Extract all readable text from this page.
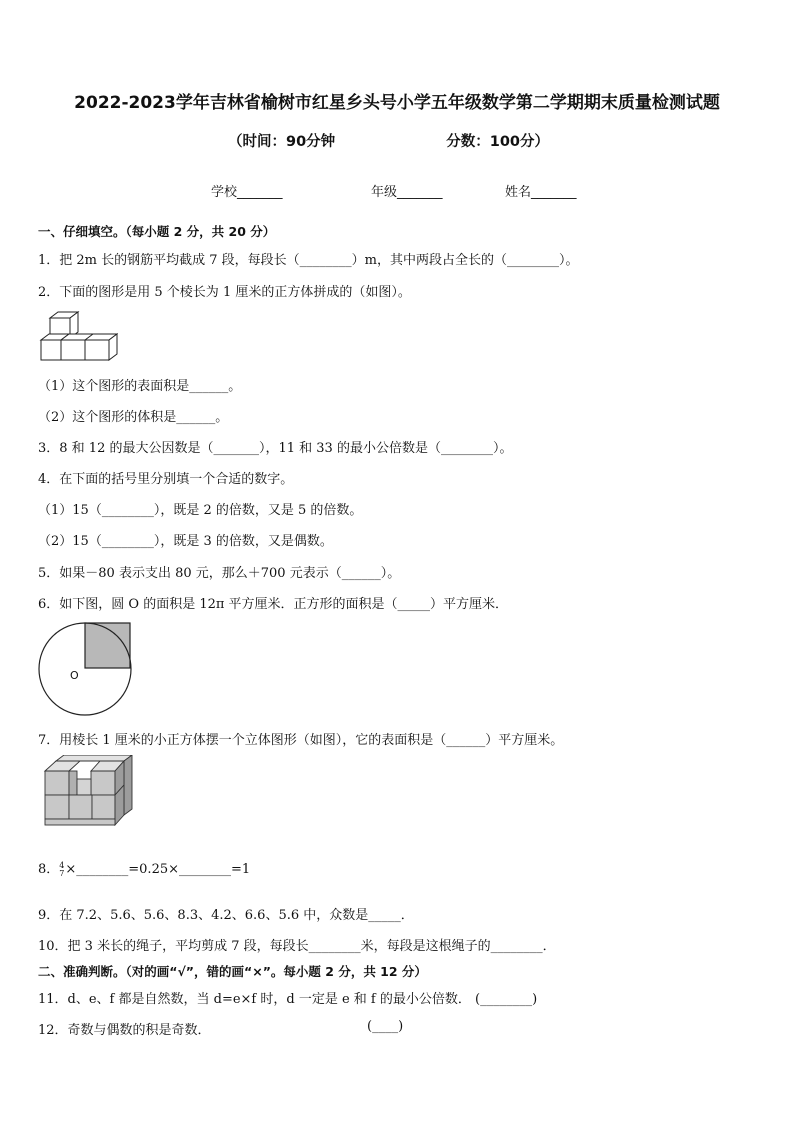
2022-2023学年吉林省榆树市红星乡头号小学五年级数学第二学期期末质量检测试题
（时间：90分钟	分数：100分）
学校_______	年级_______	姓名_______
一、仔细填空。（每小题 2 分，共 20 分）
1．把 2m 长的钢筋平均截成 7 段，每段长（________）m，其中两段占全长的（________）。
2．下面的图形是用 5 个棱长为 1 厘米的正方体拼成的（如图）。
（1）这个图形的表面积是______。
（2）这个图形的体积是______。
3．8 和 12 的最大公因数是（_______），11 和 33 的最小公倍数是（________）。
4．在下面的括号里分别填一个合适的数字。
（1）15（________），既是 2 的倍数，又是 5 的倍数。
（2）15（________），既是 3 的倍数，又是偶数。
5．如果－80 表示支出 80 元，那么＋700 元表示（______）。
6．如下图，圆 O 的面积是 12π 平方厘米．正方形的面积是（_____）平方厘米．
O
7．用棱长 1 厘米的小正方体摆一个立体图形（如图），它的表面积是（______）平方厘米。
8． 4
7 ×________=0.25×________=1
9．在 7.2、5.6、5.6、8.3、4.2、6.6、5.6 中，众数是_____．
10．把 3 米长的绳子，平均剪成 7 段，每段长________米，每段是这根绳子的________．
二、准确判断。（对的画“√”，错的画“×”。每小题 2 分，共 12 分）
11．d、e、f 都是自然数，当 d=e×f 时，d 一定是 e 和 f 的最小公倍数． (________)
12．奇数与偶数的积是奇数．	(____)
